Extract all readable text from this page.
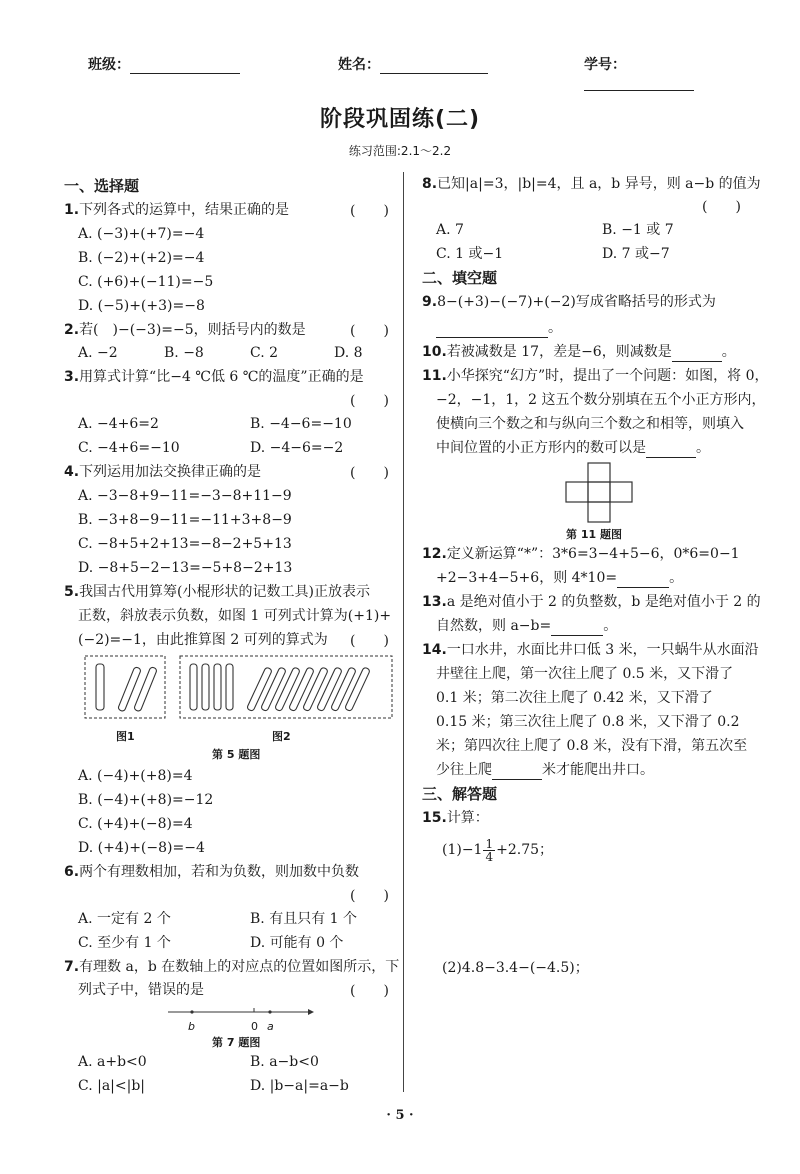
班级：	姓名：	学号：
阶段巩固练(二)
练习范围:2.1～2.2
一、选择题
1.下列各式的运算中，结果正确的是	(　　)
A. (−3)+(+7)=−4
B. (−2)+(+2)=−4
C. (+6)+(−11)=−5
D. (−5)+(+3)=−8
2.若(　)−(−3)=−5，则括号内的数是	(　　)
A. −2	B. −8	C. 2	D. 8
3.用算式计算“比−4 ℃低 6 ℃的温度”正确的是
(　　)
A. −4+6=2	B. −4−6=−10
C. −4+6=−10	D. −4−6=−2
4.下列运用加法交换律正确的是	(　　)
A. −3−8+9−11=−3−8+11−9
B. −3+8−9−11=−11+3+8−9
C. −8+5+2+13=−8−2+5+13
D. −8+5−2−13=−5+8−2+13
5.我国古代用算筹(小棍形状的记数工具)正放表示
正数，斜放表示负数，如图 1 可列式计算为(+1)+
(−2)=−1，由此推算图 2 可列的算式为 (　　)
图1	图2
第 5 题图
A. (−4)+(+8)=4
B. (−4)+(+8)=−12
C. (+4)+(−8)=4
D. (+4)+(−8)=−4
6.两个有理数相加，若和为负数，则加数中负数
(　　)
A. 一定有 2 个	B. 有且只有 1 个
C. 至少有 1 个	D. 可能有 0 个
7.有理数 a，b 在数轴上的对应点的位置如图所示，下
列式子中，错误的是	(　　)
b	0 a
第 7 题图
A. a+b<0	B. a−b<0
C. |a|<|b|	D. |b−a|=a−b
8.已知|a|=3，|b|=4，且 a，b 异号，则 a−b 的值为
(　　)
A. 7	B. −1 或 7
C. 1 或−1	D. 7 或−7
二、填空题
9.8−(+3)−(−7)+(−2)写成省略括号的形式为
。
10.若被减数是 17，差是−6，则减数是	。
11.小华探究“幻方”时，提出了一个问题：如图，将 0，
−2，−1，1，2 这五个数分别填在五个小正方形内，
使横向三个数之和与纵向三个数之和相等，则填入
中间位置的小正方形内的数可以是	。
第 11 题图
12.定义新运算“*”：3*6=3−4+5−6，0*6=0−1
+2−3+4−5+6，则 4*10=	。
13.a 是绝对值小于 2 的负整数，b 是绝对值小于 2 的
自然数，则 a−b=	。
14.一口水井，水面比井口低 3 米，一只蜗牛从水面沿
井壁往上爬，第一次往上爬了 0.5 米，又下滑了
0.1 米；第二次往上爬了 0.42 米，又下滑了
0.15 米；第三次往上爬了 0.8 米，又下滑了 0.2
米；第四次往上爬了 0.8 米，没有下滑，第五次至
少往上爬	米才能爬出井口。
三、解答题
15.计算：
$(1)-1 \frac{1}{4} +2.75$；
(2)4.8−3.4−(−4.5)；
· 5 ·
